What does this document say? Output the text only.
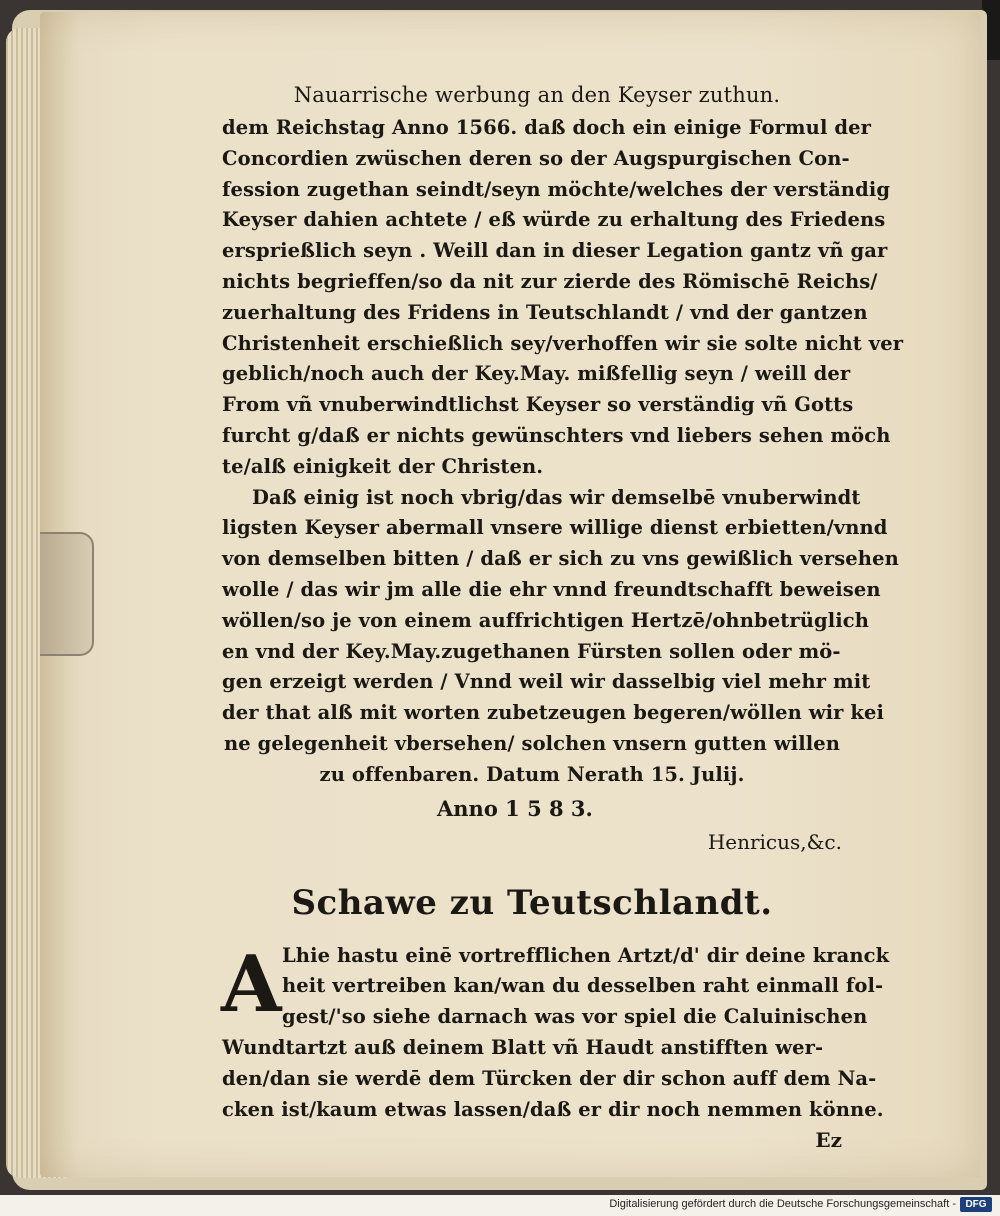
Nauarrische werbung an den Keyser zuthun.
dem Reichstag Anno 1566. daß doch ein einige Formul der
Concordien zwüschen deren so der Augspurgischen Con-
fession zugethan seindt/seyn möchte/welches der verständig
Keyser dahien achtete / eß würde zu erhaltung des Friedens
ersprießlich seyn . Weill dan in dieser Legation gantz vñ gar
nichts begrieffen/so da nit zur zierde des Römischē Reichs/
zuerhaltung des Fridens in Teutschlandt / vnd der gantzen
Christenheit erschießlich sey/verhoffen wir sie solte nicht ver
geblich/noch auch der Key.May. mißfellig seyn / weill der
From vñ vnuberwindtlichst Keyser so verständig vñ Gotts
furcht g/daß er nichts gewünschters vnd liebers sehen möch
te/alß einigkeit der Christen.
Daß einig ist noch vbrig/das wir demselbē vnuberwindt
ligsten Keyser abermall vnsere willige dienst erbietten/vnnd
von demselben bitten / daß er sich zu vns gewißlich versehen
wolle / das wir jm alle die ehr vnnd freundtschafft beweisen
wöllen/so je von einem auffrichtigen Hertzē/ohnbetrüglich
en vnd der Key.May.zugethanen Fürsten sollen oder mö-
gen erzeigt werden / Vnnd weil wir dasselbig viel mehr mit
der that alß mit worten zubetzeugen begeren/wöllen wir kei
ne gelegenheit vbersehen/ solchen vnsern gutten willen
zu offenbaren. Datum Nerath 15. Julij.
Anno 1 5 8 3.
Henricus,&c.
Schawe zu Teutschlandt.
A Lhie hastu einē vortrefflichen Artzt/d' dir deine kranck
heit vertreiben kan/wan du desselben raht einmall fol-
gest/'so siehe darnach was vor spiel die Caluinischen
Wundtartzt auß deinem Blatt vñ Haudt anstifften wer-
den/dan sie werdē dem Türcken der dir schon auff dem Na-
cken ist/kaum etwas lassen/daß er dir noch nemmen könne.
Ez
Digitalisierung gefördert durch die Deutsche Forschungsgemeinschaft - DFG
